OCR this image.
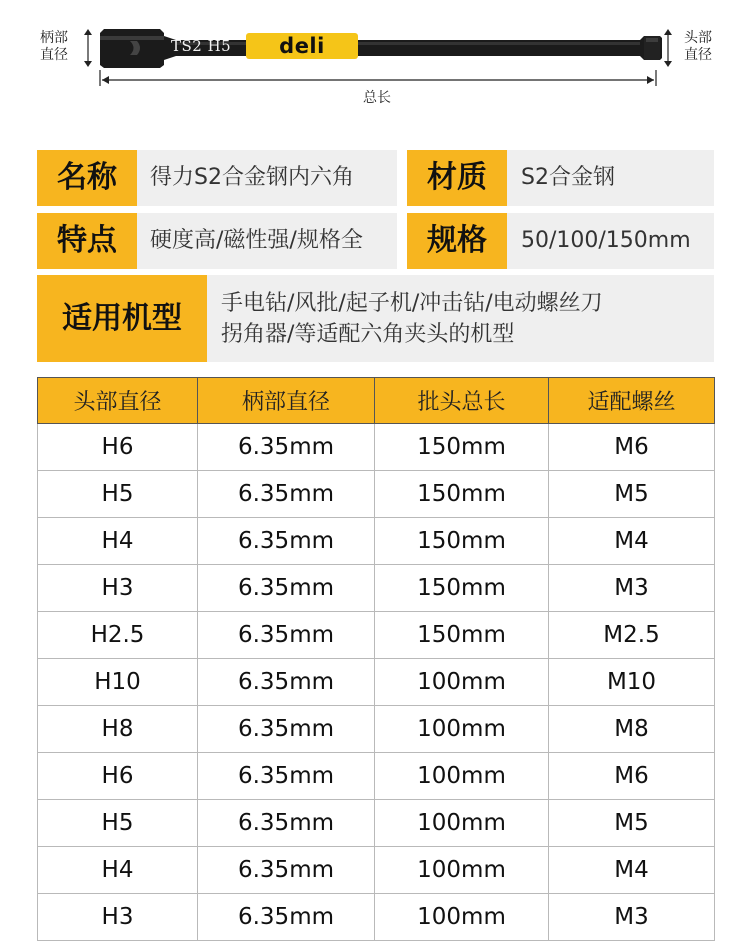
柄部
直径
头部
直径
总长
TS2 H5	deli
名称	得力S2合金钢内六角	材质	S2合金钢
特点	硬度高/磁性强/规格全	规格	50/100/150mm
适用机型	手电钻/风批/起子机/冲击钻/电动螺丝刀
拐角器/等适配六角夹头的机型
头部直径	柄部直径	批头总长	适配螺丝
H6	6.35mm	150mm	M6
H5	6.35mm	150mm	M5
H4	6.35mm	150mm	M4
H3	6.35mm	150mm	M3
H2.5	6.35mm	150mm	M2.5
H10	6.35mm	100mm	M10
H8	6.35mm	100mm	M8
H6	6.35mm	100mm	M6
H5	6.35mm	100mm	M5
H4	6.35mm	100mm	M4
H3	6.35mm	100mm	M3
